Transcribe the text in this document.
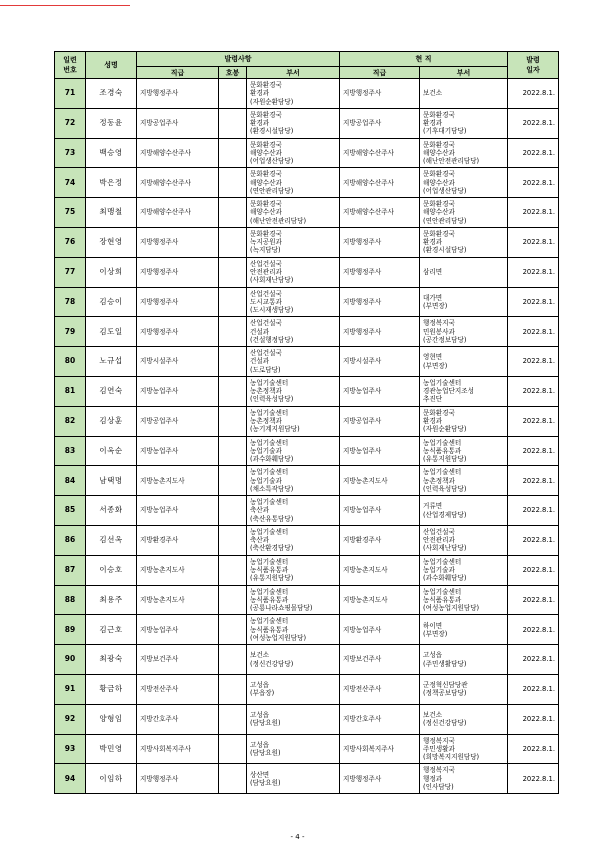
일련
번호	성명	발령사항			현 직		발령
일자
		직급	호봉	부서	직급	부서	
71	조경숙	지방행정주사		문화환경국
환경과
(자원순환담당)	지방행정주사	보건소	2022.8.1.
72	정동윤	지방공업주사		문화환경국
환경과
(환경시설담당)	지방공업주사	문화환경국
환경과
(기후대기담당)	2022.8.1.
73	백승영	지방해양수산주사		문화환경국
해양수산과
(어업생산담당)	지방해양수산주사	문화환경국
해양수산과
(해난안전관리담당)	2022.8.1.
74	박은정	지방해양수산주사		문화환경국
해양수산과
(연안관리담당)	지방해양수산주사	문화환경국
해양수산과
(어업생산담당)	2022.8.1.
75	최맹철	지방해양수산주사		문화환경국
해양수산과
(해난안전관리담당)	지방해양수산주사	문화환경국
해양수산과
(연안관리담당)	2022.8.1.
76	장현영	지방행정주사		문화환경국
녹지공원과
(녹지담당)	지방행정주사	문화환경국
환경과
(환경시설담당)	2022.8.1.
77	이상희	지방행정주사		산업건설국
안전관리과
(사회재난담당)	지방행정주사	삼리면	2022.8.1.
78	김승이	지방행정주사		산업건설국
도시교통과
(도시재생담당)	지방행정주사	대가면
(부면장)	2022.8.1.
79	김도일	지방행정주사		산업건설국
건설과
(건설행정담당)	지방행정주사	행정복지국
민원봉사과
(공간정보담당)	2022.8.1.
80	노규섭	지방시설주사		산업건설국
건설과
(도로담당)	지방시설주사	영현면
(부면장)	2022.8.1.
81	김연숙	지방농업주사		농업기술센터
농촌정책과
(인력육성담당)	지방농업주사	농업기술센터
경관농업단지조성
추진단	2022.8.1.
82	김상훈	지방공업주사		농업기술센터
농촌정책과
(농기계지원담당)	지방공업주사	문화환경국
환경과
(자원순환담당)	2022.8.1.
83	이옥순	지방농업주사		농업기술센터
농업기술과
(과수화훼담당)	지방농업주사	농업기술센터
농식품유통과
(유통지원담당)	2022.8.1.
84	남택명	지방농촌지도사		농업기술센터
농업기술과
(채소특작담당)	지방농촌지도사	농업기술센터
농촌정책과
(인력육성담당)	2022.8.1.
85	서종화	지방농업주사		농업기술센터
축산과
(축산유통담당)	지방농업주사	거류면
(산업경제담당)	2022.8.1.
86	김선옥	지방환경주사		농업기술센터
축산과
(축산환경담당)	지방환경주사	산업건설국
안전관리과
(사회재난담당)	2022.8.1.
87	이승호	지방농촌지도사		농업기술센터
농식품유통과
(유통지원담당)	지방농촌지도사	농업기술센터
농업기술과
(과수화훼담당)	2022.8.1.
88	최용주	지방농촌지도사		농업기술센터
농식품유통과
(공룡나라쇼핑몰담당)	지방농촌지도사	농업기술센터
농식품유통과
(여성농업지원담당)	2022.8.1.
89	김근호	지방농업주사		농업기술센터
농식품유통과
(여성농업지원담당)	지방농업주사	하이면
(부면장)	2022.8.1.
90	최광숙	지방보건주사		보건소
(정신건강담당)	지방보건주사	고성읍
(주민생활담당)	2022.8.1.
91	황금하	지방전산주사		고성읍
(부읍장)	지방전산주사	군정혁신담당관
(정책공보담당)	2022.8.1.
92	양형임	지방간호주사		고성읍
(담당요원)	지방간호주사	보건소
(정신건강담당)	2022.8.1.
93	박민영	지방사회복지주사		고성읍
(담당요원)	지방사회복지주사	행정복지국
주민생활과
(희망복지지원담당)	2022.8.1.
94	이임하	지방행정주사		상산면
(담당요원)	지방행정주사	행정복지국
행정과
(인사담당)	2022.8.1.
- 4 -
